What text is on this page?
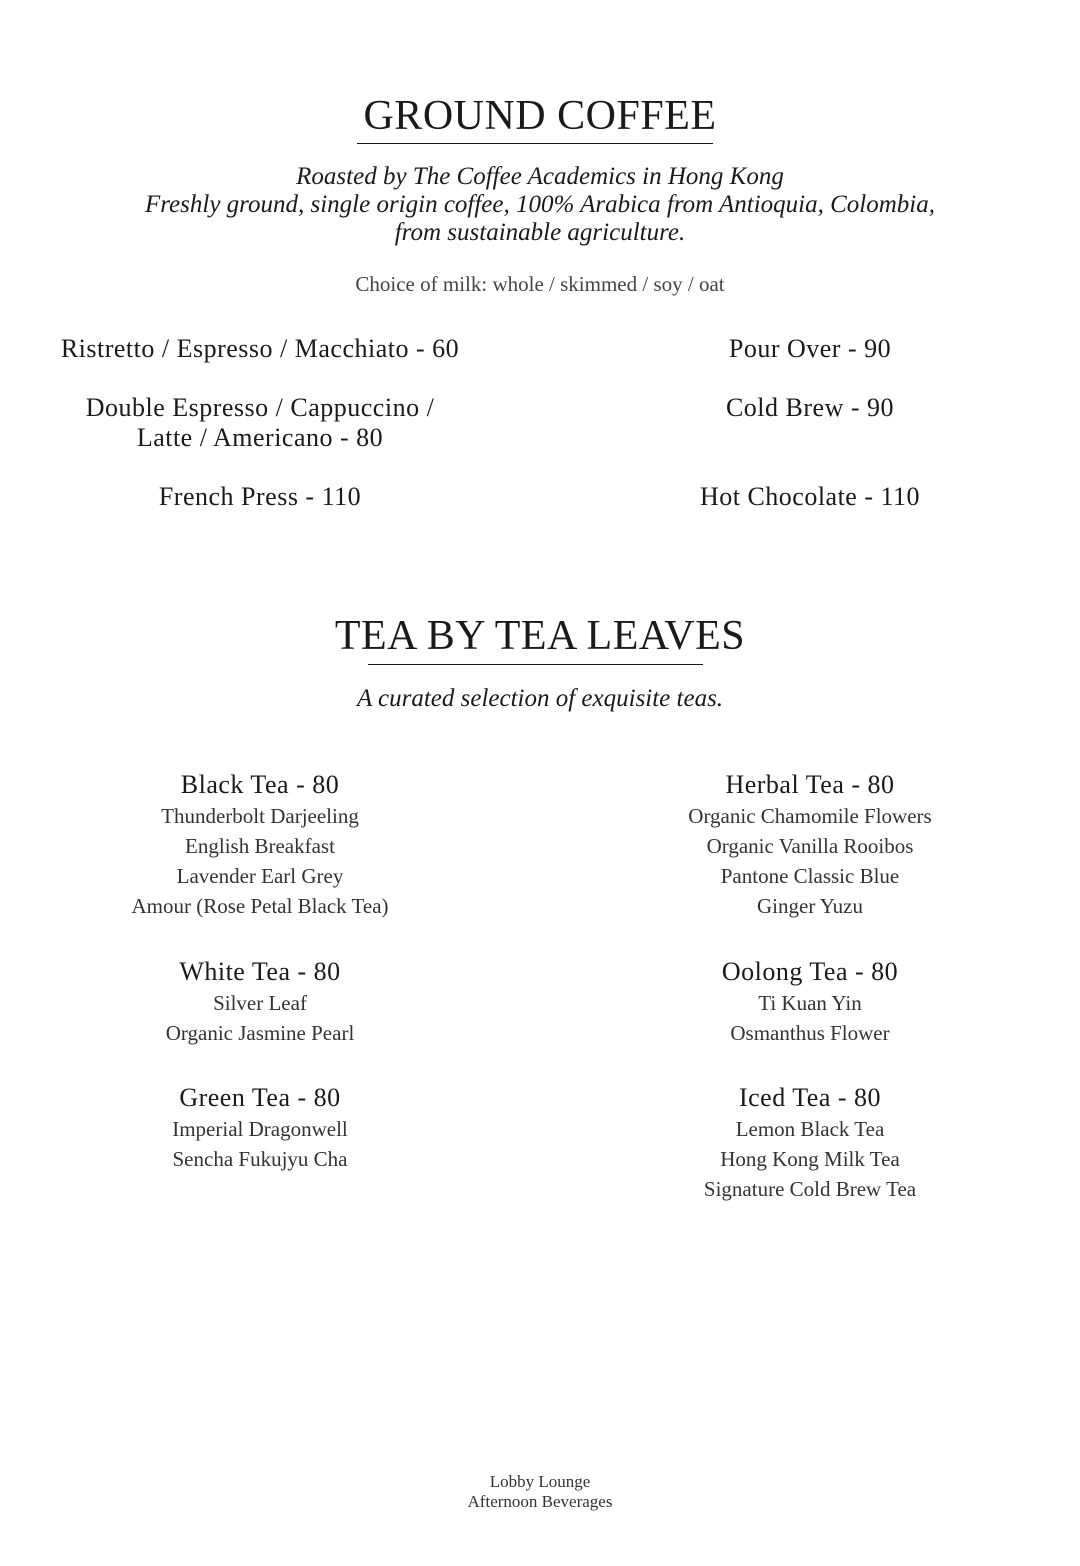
GROUND COFFEE
Roasted by The Coffee Academics in Hong Kong
Freshly ground, single origin coffee, 100% Arabica from Antioquia, Colombia,
from sustainable agriculture.
Choice of milk: whole / skimmed / soy / oat
Ristretto / Espresso / Macchiato - 60
Double Espresso / Cappuccino /
Latte / Americano - 80
French Press - 110
Pour Over - 90
Cold Brew - 90
Hot Chocolate - 110
TEA BY TEA LEAVES
A curated selection of exquisite teas.
Black Tea - 80
Thunderbolt Darjeeling
English Breakfast
Lavender Earl Grey
Amour (Rose Petal Black Tea)
White Tea - 80
Silver Leaf
Organic Jasmine Pearl
Green Tea - 80
Imperial Dragonwell
Sencha Fukujyu Cha
Herbal Tea - 80
Organic Chamomile Flowers
Organic Vanilla Rooibos
Pantone Classic Blue
Ginger Yuzu
Oolong Tea - 80
Ti Kuan Yin
Osmanthus Flower
Iced Tea - 80
Lemon Black Tea
Hong Kong Milk Tea
Signature Cold Brew Tea
Lobby Lounge
Afternoon Beverages
